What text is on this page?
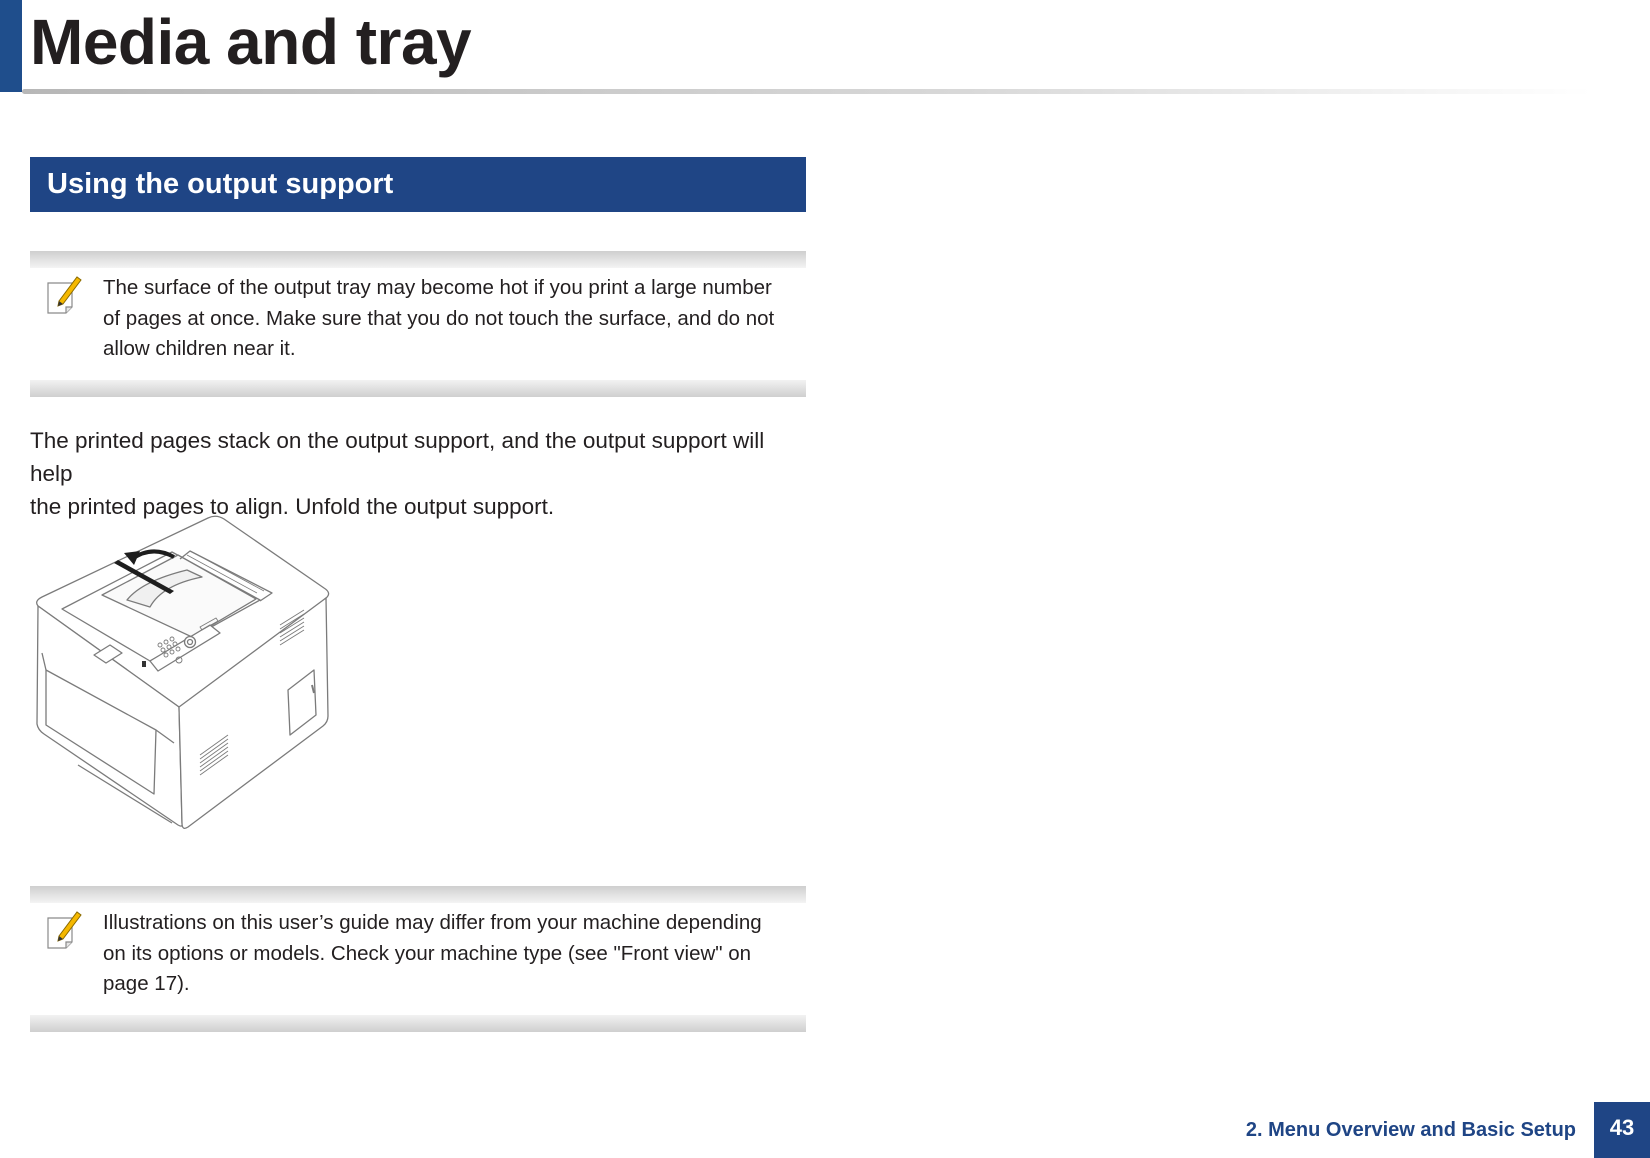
Media and tray
Using the output support
The surface of the output tray may become hot if you print a large number
of pages at once. Make sure that you do not touch the surface, and do not
allow children near it.
The printed pages stack on the output support, and the output support will help
the printed pages to align. Unfold the output support.
Illustrations on this user’s guide may differ from your machine depending
on its options or models. Check your machine type (see "Front view" on
page 17).
2. Menu Overview and Basic Setup	43
